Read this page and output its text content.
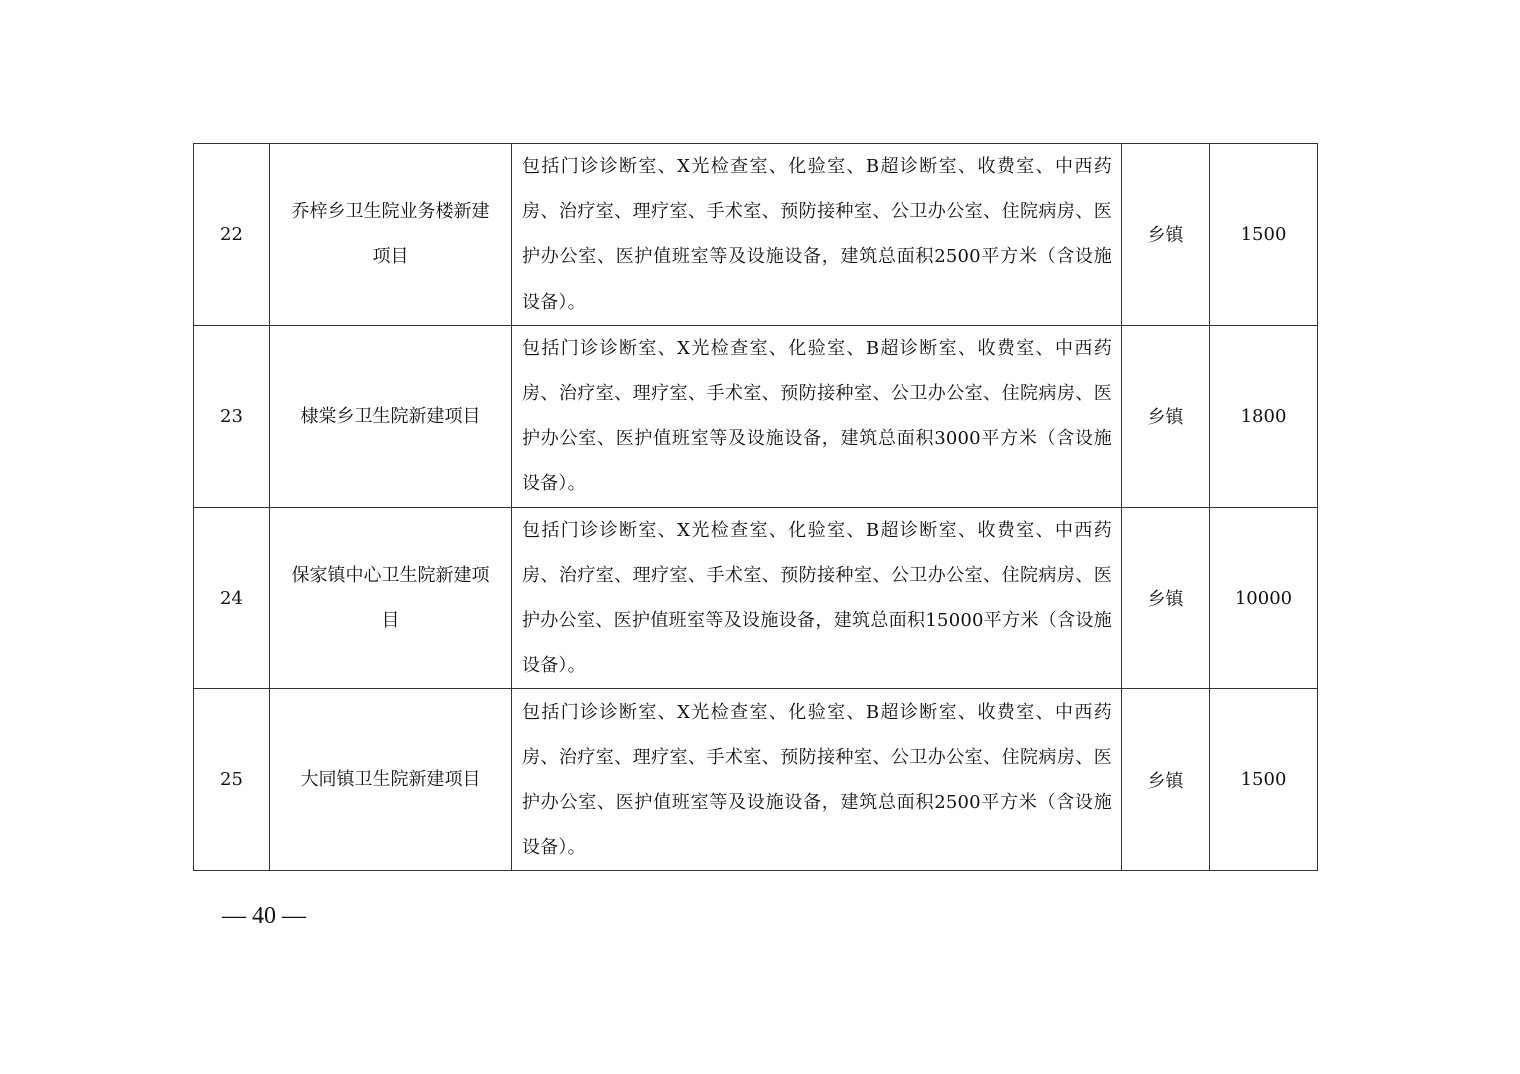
22	乔梓乡卫生院业务楼新建项目	包括门诊诊断室、X光检查室、化验室、B超诊断室、收费室、中西药房、治疗室、理疗室、手术室、预防接种室、公卫办公室、住院病房、医护办公室、医护值班室等及设施设备，建筑总面积2500平方米（含设施设备）。	乡镇	1500
23	棣棠乡卫生院新建项目	包括门诊诊断室、X光检查室、化验室、B超诊断室、收费室、中西药房、治疗室、理疗室、手术室、预防接种室、公卫办公室、住院病房、医护办公室、医护值班室等及设施设备，建筑总面积3000平方米（含设施设备）。	乡镇	1800
24	保家镇中心卫生院新建项目	包括门诊诊断室、X光检查室、化验室、B超诊断室、收费室、中西药房、治疗室、理疗室、手术室、预防接种室、公卫办公室、住院病房、医护办公室、医护值班室等及设施设备，建筑总面积15000平方米（含设施设备）。	乡镇	10000
25	大同镇卫生院新建项目	包括门诊诊断室、X光检查室、化验室、B超诊断室、收费室、中西药房、治疗室、理疗室、手术室、预防接种室、公卫办公室、住院病房、医护办公室、医护值班室等及设施设备，建筑总面积2500平方米（含设施设备）。	乡镇	1500
— 40 —
